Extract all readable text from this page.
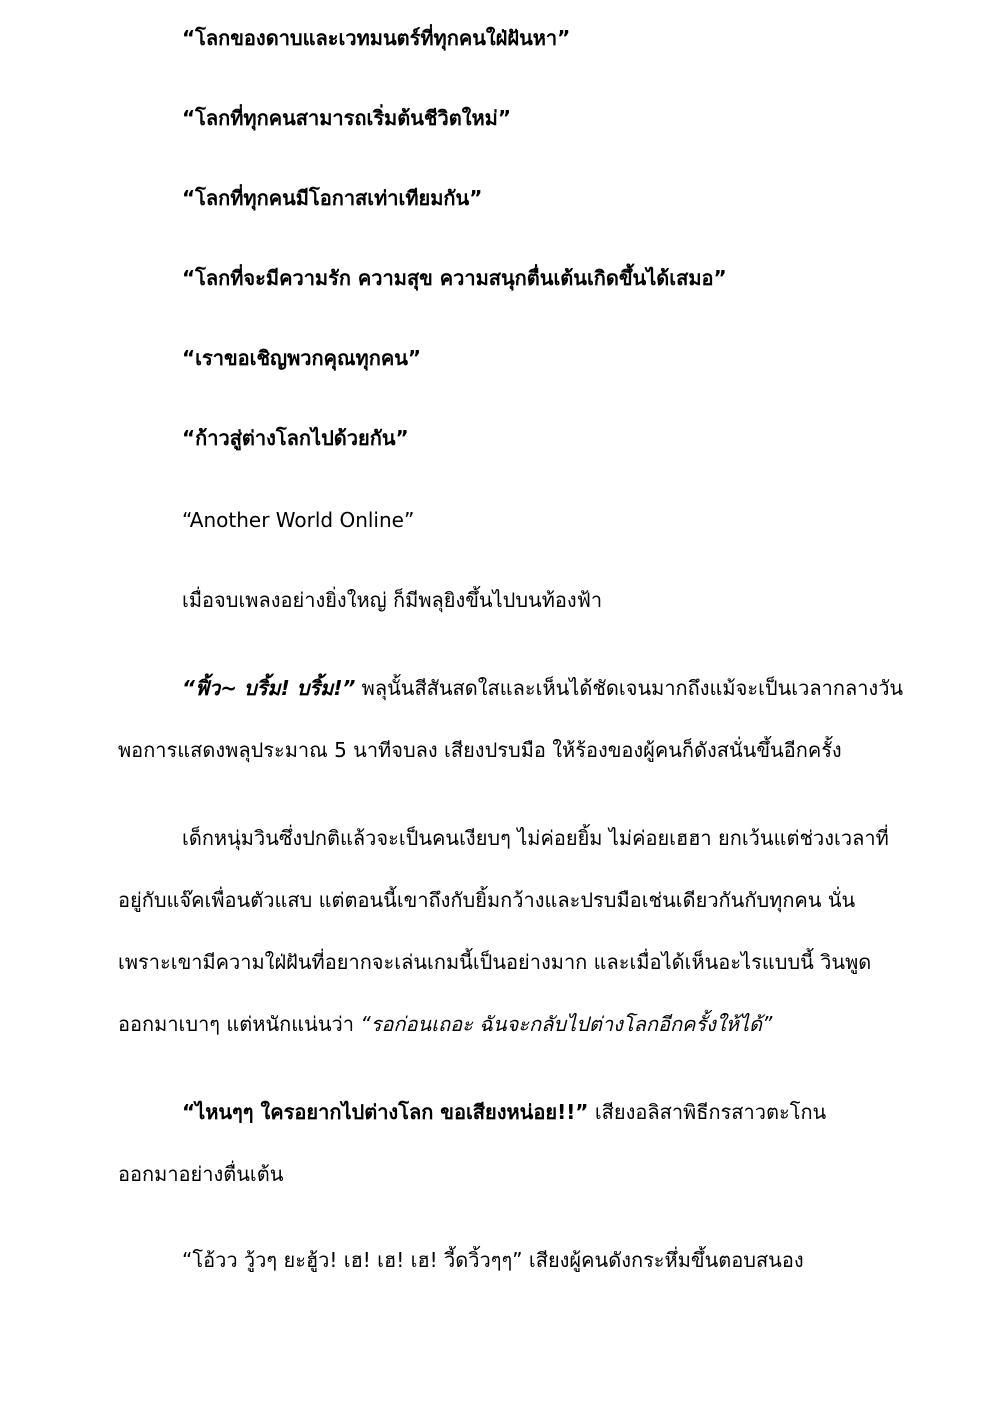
“โลกของดาบและเวทมนตร์ที่ทุกคนใฝ่ฝันหา”
“โลกที่ทุกคนสามารถเริ่มต้นชีวิตใหม่”
“โลกที่ทุกคนมีโอกาสเท่าเทียมกัน”
“โลกที่จะมีความรัก ความสุข ความสนุกตื่นเต้นเกิดขึ้นได้เสมอ”
“เราขอเชิญพวกคุณทุกคน”
“ก้าวสู่ต่างโลกไปด้วยกัน”
“Another World Online”
เมื่อจบเพลงอย่างยิ่งใหญ่ ก็มีพลุยิงขึ้นไปบนท้องฟ้า
“ฟิ้ว~ บริ้ม! บริ้ม!” พลุนั้นสีสันสดใสและเห็นได้ชัดเจนมากถึงแม้จะเป็นเวลากลางวัน
พอการแสดงพลุประมาณ 5 นาทีจบลง เสียงปรบมือ ให้ร้องของผู้คนก็ดังสนั่นขึ้นอีกครั้ง
เด็กหนุ่มวินซึ่งปกติแล้วจะเป็นคนเงียบๆ ไม่ค่อยยิ้ม ไม่ค่อยเฮฮา ยกเว้นแต่ช่วงเวลาที่
อยู่กับแจ๊คเพื่อนตัวแสบ แต่ตอนนี้เขาถึงกับยิ้มกว้างและปรบมือเช่นเดียวกันกับทุกคน นั่น
เพราะเขามีความใฝ่ฝันที่อยากจะเล่นเกมนี้เป็นอย่างมาก และเมื่อได้เห็นอะไรแบบนี้ วินพูด
ออกมาเบาๆ แต่หนักแน่นว่า “รอก่อนเถอะ ฉันจะกลับไปต่างโลกอีกครั้งให้ได้”
“ไหนๆๆ ใครอยากไปต่างโลก ขอเสียงหน่อย!!” เสียงอลิสาพิธีกรสาวตะโกน
ออกมาอย่างตื่นเต้น
“โอ้วว วู้วๆ ยะฮู้ว! เฮ! เฮ! เฮ! วี้ดวิ้วๆๆ” เสียงผู้คนดังกระหึ่มขึ้นตอบสนอง
